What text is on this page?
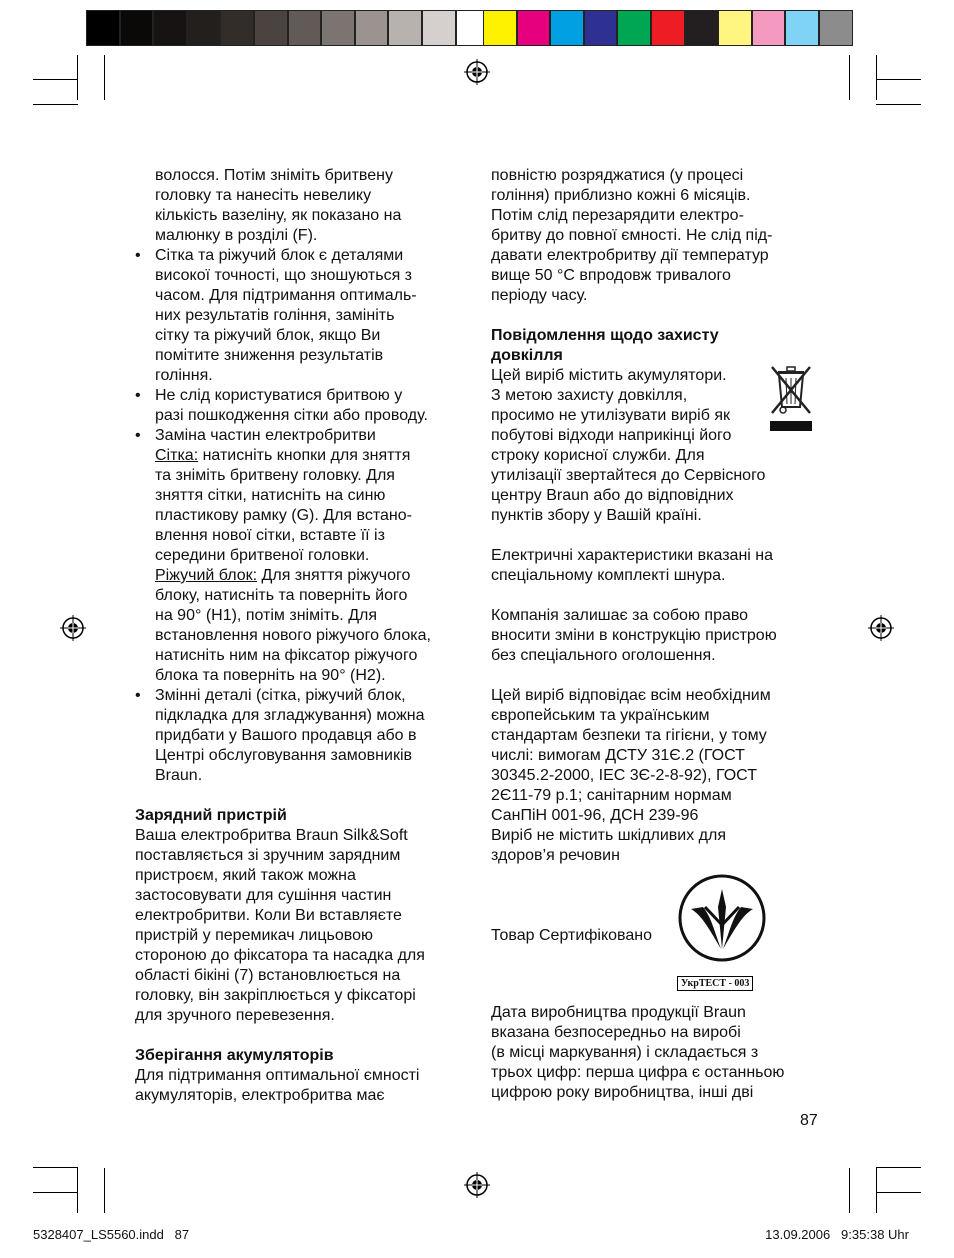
волосся. Потім зніміть бритвену

головку та нанесіть невелику

кількість вазеліну, як показано на

малюнку в розділі (F).

• Сітка та ріжучий блок є деталями

високої точності, що зношуються з

часом. Для підтримання оптималь-

них результатів гоління, замініть

сітку та ріжучий блок, якщо Ви

помітите зниження результатів

гоління.

• Не слід користуватися бритвою у

разі пошкодження сітки або проводу.

• Заміна частин електробритви

Сітка: натисніть кнопки для зняття

та зніміть бритвену головку. Для

зняття сітки, натисніть на синю

пластикову рамку (G). Для встано-

влення нової сітки, вставте її із

середини бритвеної головки.

Ріжучий блок: Для зняття ріжучого

блоку, натисніть та поверніть його

на 90° (H1), потім зніміть. Для

встановлення нового ріжучого блока,

натисніть ним на фіксатор ріжучого

блока та поверніть на 90° (H2).

• Змінні деталі (сітка, ріжучий блок,

підкладка для згладжування) можна

придбати у Вашого продавця або в

Центрі обслуговування замовників

Braun.

Зарядний пристрій

Ваша електробритва Braun Silk&Soft

поставляється зі зручним зарядним

пристроєм, який також можна

застосовувати для сушіння частин

електробритви. Коли Ви вставляєте

пристрій у перемикач лицьовою

стороною до фіксатора та насадка для

області бікіні (7) встановлюється на

головку, він закріплюється у фіксаторі

для зручного перевезення.

Зберігання акумуляторів

Для підтримання оптимальної ємності

акумуляторів, електробритва має

повністю розряджатися (у процесі

гоління) приблизно кожні 6 місяців.

Потім слід перезарядити електро-

бритву до повної ємності. Не слід під-

давати електробритву дії температур

вище 50 °C впродовж тривалого

періоду часу.

Повідомлення щодо захисту

довкілля

Цей виріб містить акумулятори.

З метою захисту довкілля,

просимо не утилізувати виріб як

побутові відходи наприкінці його

строку корисної служби. Для

утилізації звертайтеся до Сервісного

центру Braun або до відповідних

пунктів збору у Вашій країні.

Електричні характеристики вказані на

спеціальному комплекті шнура.

Компанія залишає за собою право

вносити зміни в конструкцію пристрою

без спеціального оголошення.

Цей виріб відповідає всім необхідним

європейським та українським

стандартам безпеки та гігієни, у тому

числі: вимогам ДСТУ 31Є.2 (ГОСТ

30345.2-2000, IEC 3Є-2-8-92), ГОСТ

2Є11-79 р.1; санітарним нормам

СанПіН 001-96, ДСН 239-96

Виріб не містить шкідливих для

здоров’я речовин

Товар Сертифіковано

УкрТЕСТ - 003

Дата виробництва продукції Braun

вказана безпосередньо на виробі

(в місці маркування) і складається з

трьох цифр: перша цифра є останньою

цифрою року виробництва, інші дві

87

5328407_LS5560.indd   87	13.09.2006   9:35:38 Uhr
